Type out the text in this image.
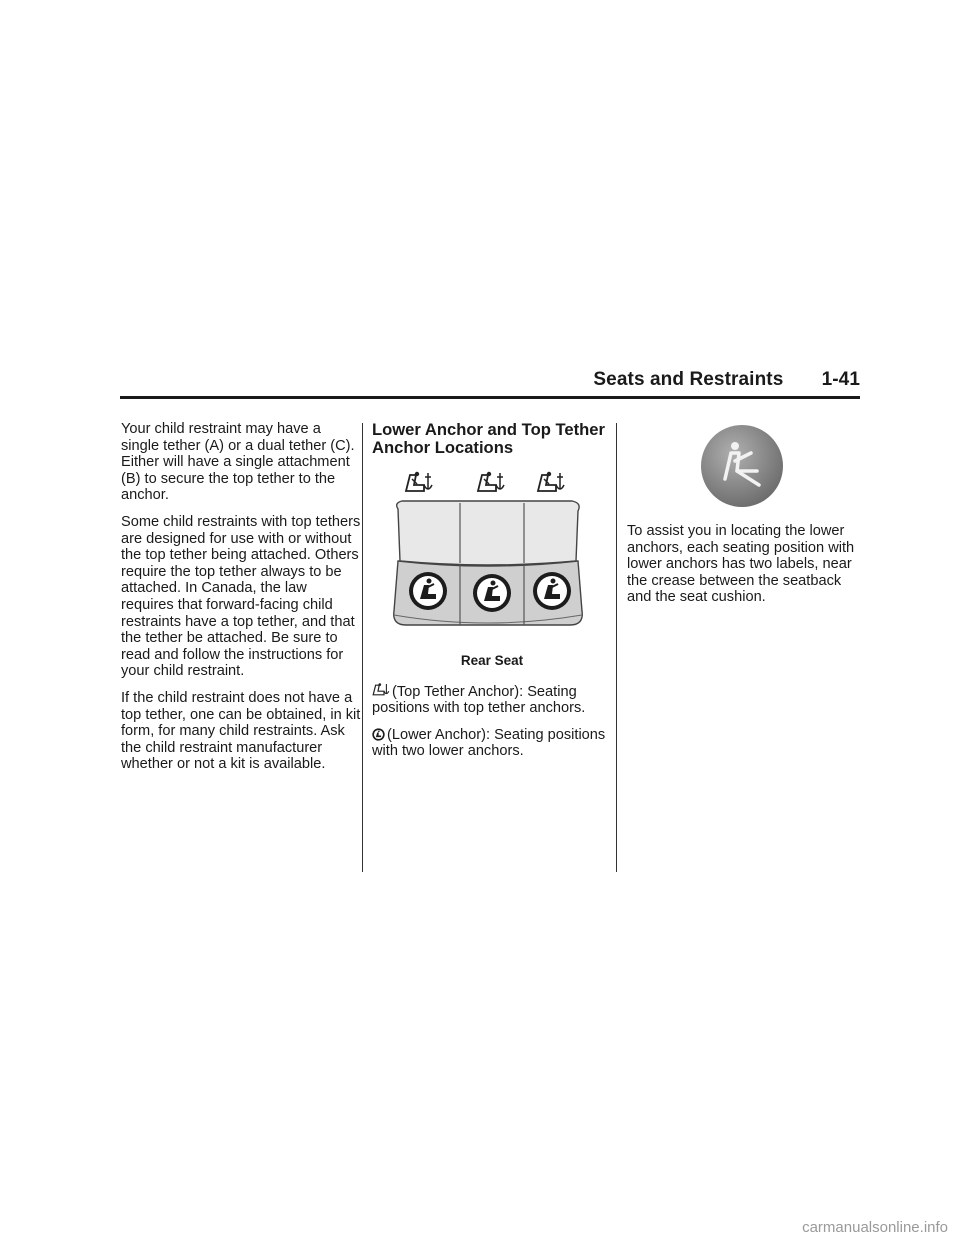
Seats and Restraints  1-41

Your child restraint may have a single tether (A) or a dual tether (C). Either will have a single attachment (B) to secure the top tether to the anchor.

Some child restraints with top tethers are designed for use with or without the top tether being attached. Others require the top tether always to be attached. In Canada, the law requires that forward-facing child restraints have a top tether, and that the tether be attached. Be sure to read and follow the instructions for your child restraint.

If the child restraint does not have a top tether, one can be obtained, in kit form, for many child restraints. Ask the child restraint manufacturer whether or not a kit is available.

Lower Anchor and Top Tether Anchor Locations
Rear Seat

(Top Tether Anchor): Seating positions with top tether anchors.

(Lower Anchor): Seating positions with two lower anchors.

To assist you in locating the lower anchors, each seating position with lower anchors has two labels, near the crease between the seatback and the seat cushion.

carmanualsonline.info
